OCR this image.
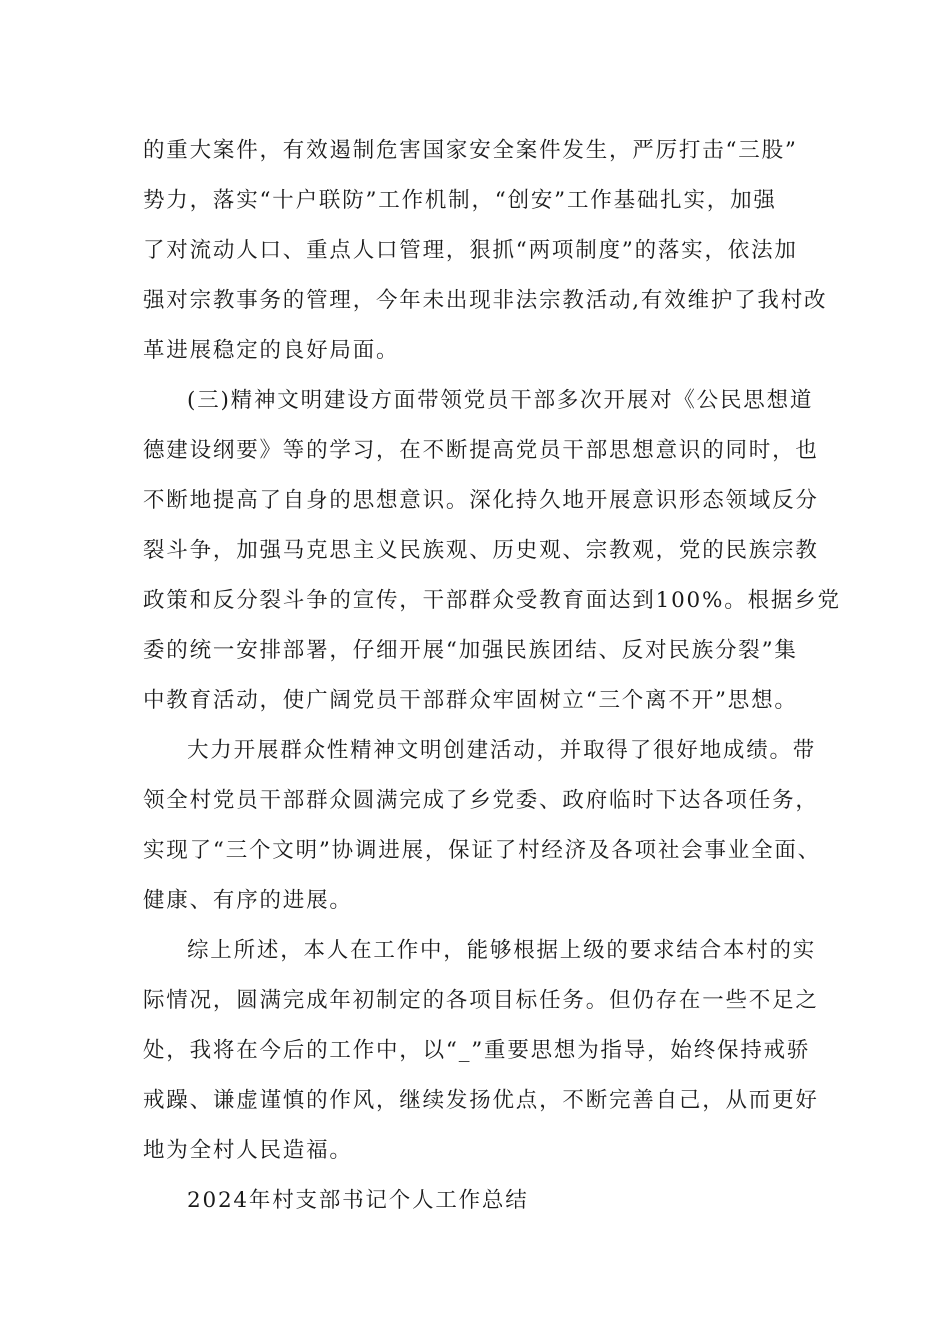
的重大案件，有效遏制危害国家安全案件发生，严厉打击“三股”
势力，落实“十户联防”工作机制，“创安”工作基础扎实，加强
了对流动人口、重点人口管理，狠抓“两项制度”的落实，依法加
强对宗教事务的管理，今年未出现非法宗教活动,有效维护了我村改
革进展稳定的良好局面。
(三)精神文明建设方面带领党员干部多次开展对《公民思想道
德建设纲要》等的学习，在不断提高党员干部思想意识的同时，也
不断地提高了自身的思想意识。深化持久地开展意识形态领域反分
裂斗争，加强马克思主义民族观、历史观、宗教观，党的民族宗教
政策和反分裂斗争的宣传，干部群众受教育面达到100%。根据乡党
委的统一安排部署，仔细开展“加强民族团结、反对民族分裂”集
中教育活动，使广阔党员干部群众牢固树立“三个离不开”思想。
大力开展群众性精神文明创建活动，并取得了很好地成绩。带
领全村党员干部群众圆满完成了乡党委、政府临时下达各项任务，
实现了“三个文明”协调进展，保证了村经济及各项社会事业全面、
健康、有序的进展。
综上所述，本人在工作中，能够根据上级的要求结合本村的实
际情况，圆满完成年初制定的各项目标任务。但仍存在一些不足之
处，我将在今后的工作中，以“_”重要思想为指导，始终保持戒骄
戒躁、谦虚谨慎的作风，继续发扬优点，不断完善自己，从而更好
地为全村人民造福。
2024年村支部书记个人工作总结
